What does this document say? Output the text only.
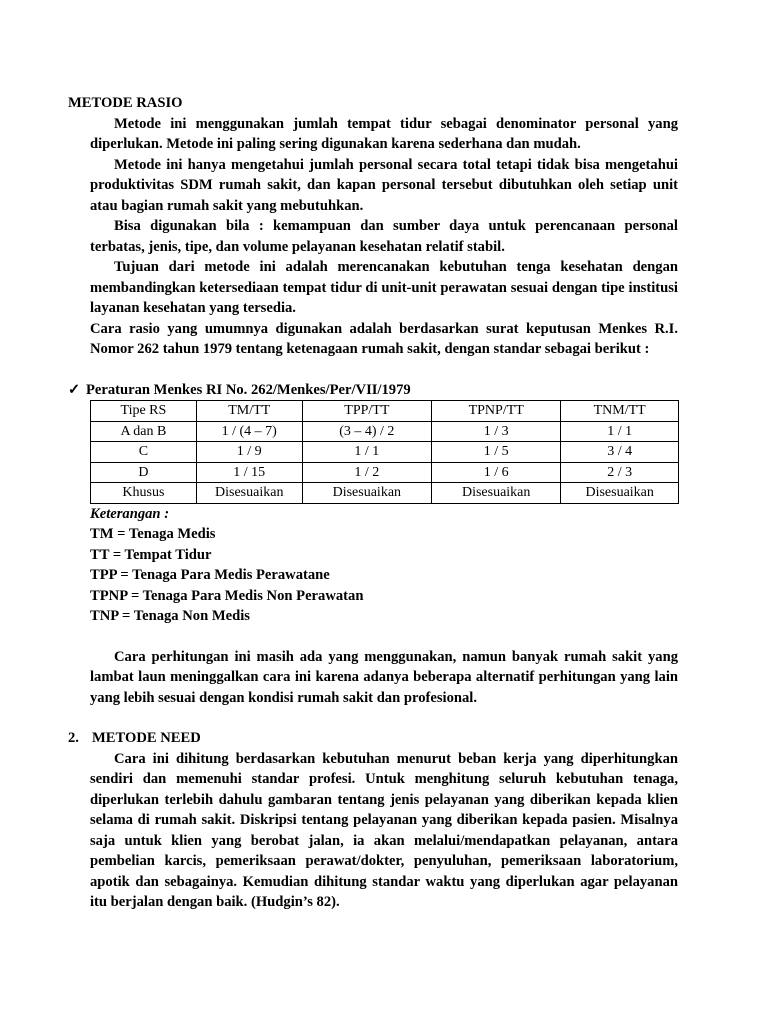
METODE RASIO

Metode ini menggunakan jumlah tempat tidur sebagai denominator personal yang diperlukan. Metode ini paling sering digunakan karena sederhana dan mudah.

Metode ini hanya mengetahui jumlah personal secara total tetapi tidak bisa mengetahui produktivitas SDM rumah sakit, dan kapan personal tersebut dibutuhkan oleh setiap unit atau bagian rumah sakit yang mebutuhkan.

Bisa digunakan bila : kemampuan dan sumber daya untuk perencanaan personal terbatas, jenis, tipe, dan volume pelayanan kesehatan relatif stabil.

Tujuan dari metode ini adalah merencanakan kebutuhan tenga kesehatan dengan membandingkan ketersediaan tempat tidur di unit-unit perawatan sesuai dengan tipe institusi layanan kesehatan yang tersedia.

Cara rasio yang umumnya digunakan adalah berdasarkan surat keputusan Menkes R.I. Nomor 262 tahun 1979 tentang ketenagaan rumah sakit, dengan standar sebagai berikut :

✓ Peraturan Menkes RI No. 262/Menkes/Per/VII/1979
Tipe RS	TM/TT	TPP/TT	TPNP/TT	TNM/TT
A dan B	1 / (4 – 7)	(3 – 4) / 2	1 / 3	1 / 1
C	1 / 9	1 / 1	1 / 5	3 / 4
D	1 / 15	1 / 2	1 / 6	2 / 3
Khusus	Disesuaikan	Disesuaikan	Disesuaikan	Disesuaikan
Keterangan :
TM = Tenaga Medis
TT = Tempat Tidur
TPP = Tenaga Para Medis Perawatane
TPNP = Tenaga Para Medis Non Perawatan
TNP = Tenaga Non Medis

Cara perhitungan ini masih ada yang menggunakan, namun banyak rumah sakit yang lambat laun meninggalkan cara ini karena adanya beberapa alternatif perhitungan yang lain yang lebih sesuai dengan kondisi rumah sakit dan profesional.

2. METODE NEED

Cara ini dihitung berdasarkan kebutuhan menurut beban kerja yang diperhitungkan sendiri dan memenuhi standar profesi. Untuk menghitung seluruh kebutuhan tenaga, diperlukan terlebih dahulu gambaran tentang jenis pelayanan yang diberikan kepada klien selama di rumah sakit. Diskripsi tentang pelayanan yang diberikan kepada pasien. Misalnya saja untuk klien yang berobat jalan, ia akan melalui/mendapatkan pelayanan, antara pembelian karcis, pemeriksaan perawat/dokter, penyuluhan, pemeriksaan laboratorium, apotik dan sebagainya. Kemudian dihitung standar waktu yang diperlukan agar pelayanan itu berjalan dengan baik. (Hudgin’s 82).
